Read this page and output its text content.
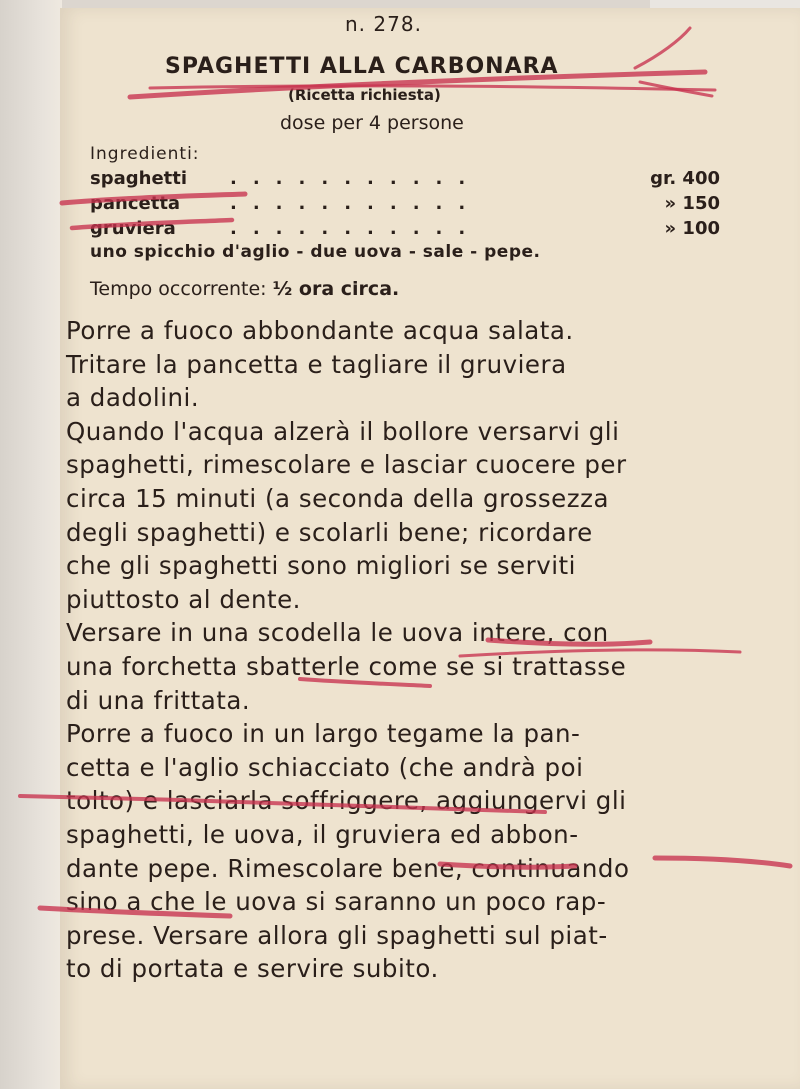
n. 278.
SPAGHETTI ALLA CARBONARA
(Ricetta richiesta)
dose per 4 persone
Ingredienti:
spaghetti ...........	gr. 400
pancetta	...........	» 150
gruviera	...........	» 100
uno spicchio d'aglio - due uova - sale - pepe.
Tempo occorrente: ½ ora circa.
Porre a fuoco abbondante acqua salata.
Tritare la pancetta e tagliare il gruviera
a dadolini.
Quando l'acqua alzerà il bollore versarvi gli
spaghetti, rimescolare e lasciar cuocere per
circa 15 minuti (a seconda della grossezza
degli spaghetti) e scolarli bene; ricordare
che gli spaghetti sono migliori se serviti
piuttosto al dente.
Versare in una scodella le uova intere, con
una forchetta sbatterle come se si trattasse
di una frittata.
Porre a fuoco in un largo tegame la pan-
cetta e l'aglio schiacciato (che andrà poi
tolto) e lasciarla soffriggere, aggiungervi gli
spaghetti, le uova, il gruviera ed abbon-
dante pepe. Rimescolare bene, continuando
sino a che le uova si saranno un poco rap-
prese. Versare allora gli spaghetti sul piat-
to di portata e servire subito.
